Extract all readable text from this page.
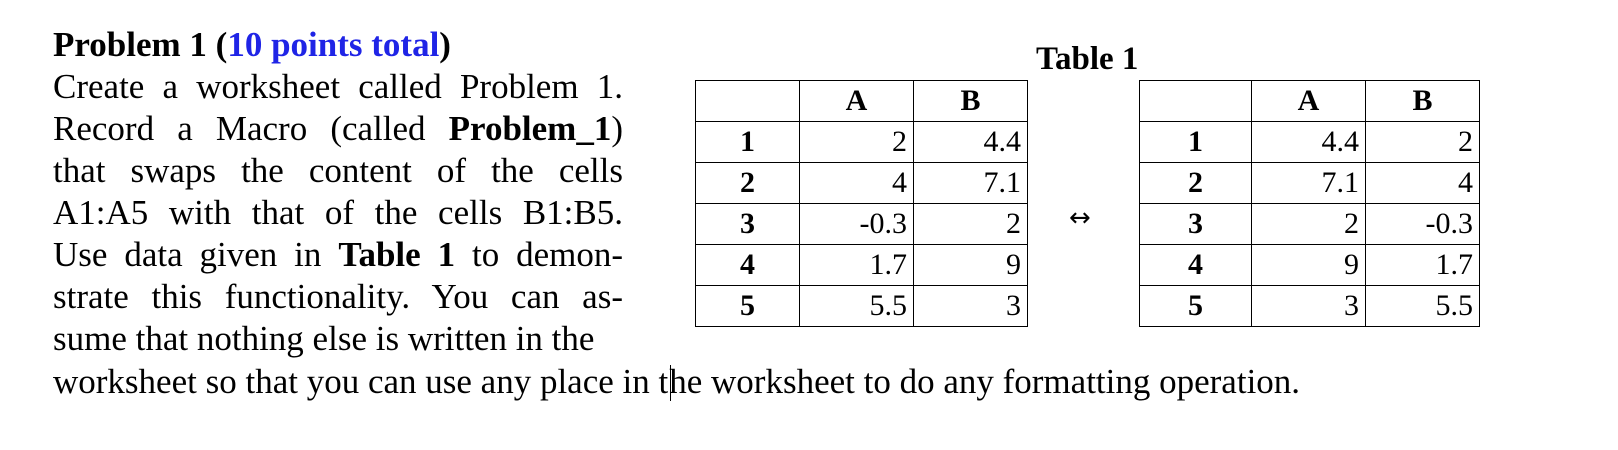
Problem 1 (10 points total)
Create a worksheet called Problem 1.
Record a Macro (called Problem_1)
that swaps the content of the cells
A1:A5 with that of the cells B1:B5.
Use data given in Table 1 to demon-
strate this functionality. You can as-
sume that nothing else is written in the
worksheet so that you can use any place in the worksheet to do any formatting operation.
Table 1
	A	B
1	2	4.4
2	4	7.1
3	-0.3	2
4	1.7	9
5	5.5	3
↔
	A	B
1	4.4	2
2	7.1	4
3	2	-0.3
4	9	1.7
5	3	5.5
